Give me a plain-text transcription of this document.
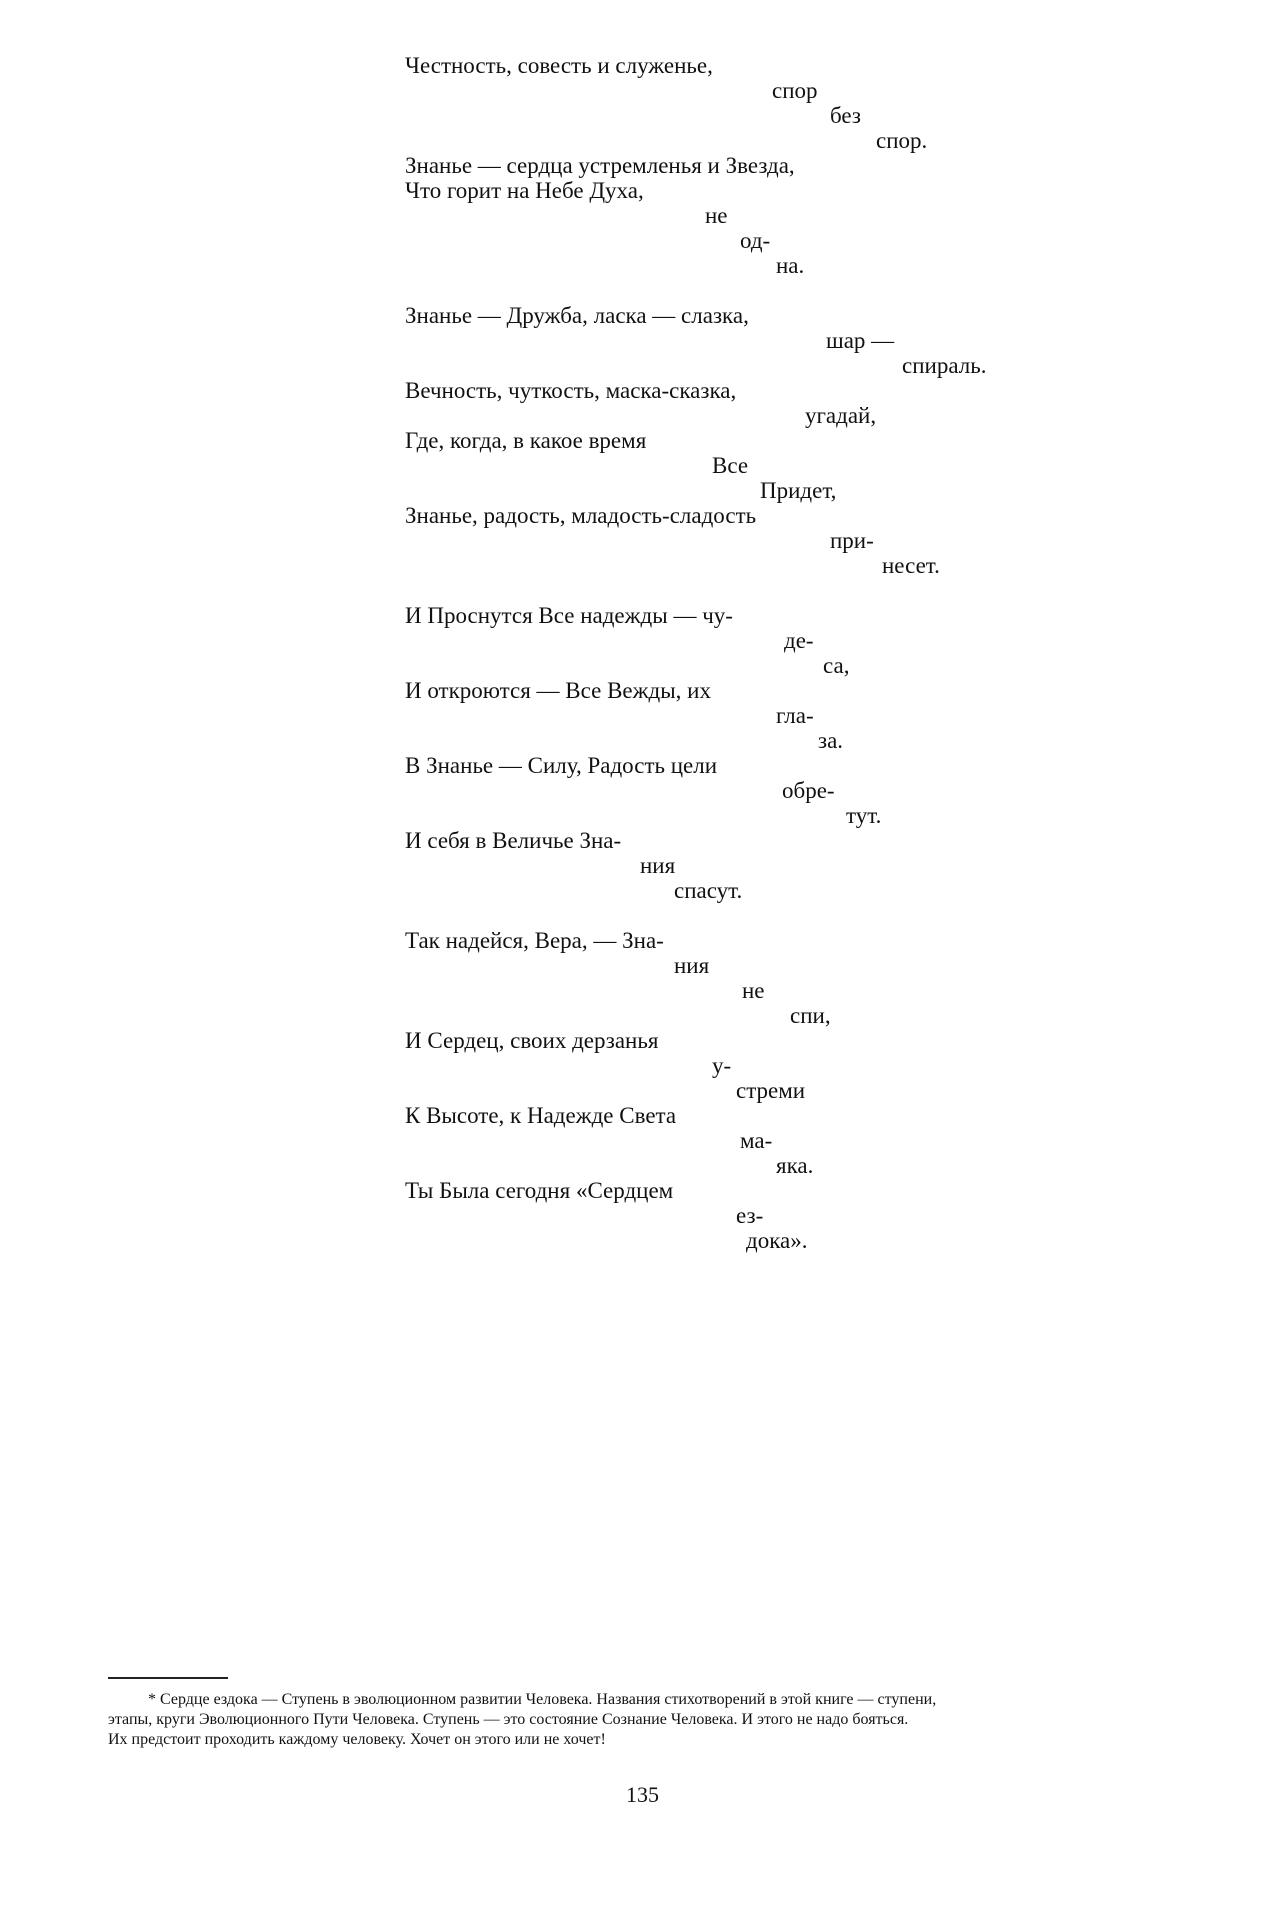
Честность, совесть и служенье,
спор
без
спор.
Знанье — сердца устремленья и Звезда,
Что горит на Небе Духа,
не
од-
на.
Знанье — Дружба, ласка — слазка,
шар —
спираль.
Вечность, чуткость, маска-сказка,
угадай,
Где, когда, в какое время
Все
Придет,
Знанье, радость, младость-сладость
при-
несет.
И Проснутся Все надежды — чу-
де-
са,
И откроются — Все Вежды, их
гла-
за.
В Знанье — Силу, Радость цели
обре-
тут.
И себя в Величье Зна-
ния
спасут.
Так надейся, Вера, — Зна-
ния
не
спи,
И Сердец, своих дерзанья
у-
стреми
К Высоте, к Надежде Света
ма-
яка.
Ты Была сегодня «Сердцем
ез-
дока».

* Сердце ездока — Ступень в эволюционном развитии Человека. Названия стихотворений в этой книге — ступени,

этапы, круги Эволюционного Пути Человека. Ступень — это состояние Сознание Человека. И этого не надо бояться.

Их предстоит проходить каждому человеку. Хочет он этого или не хочет!

135
